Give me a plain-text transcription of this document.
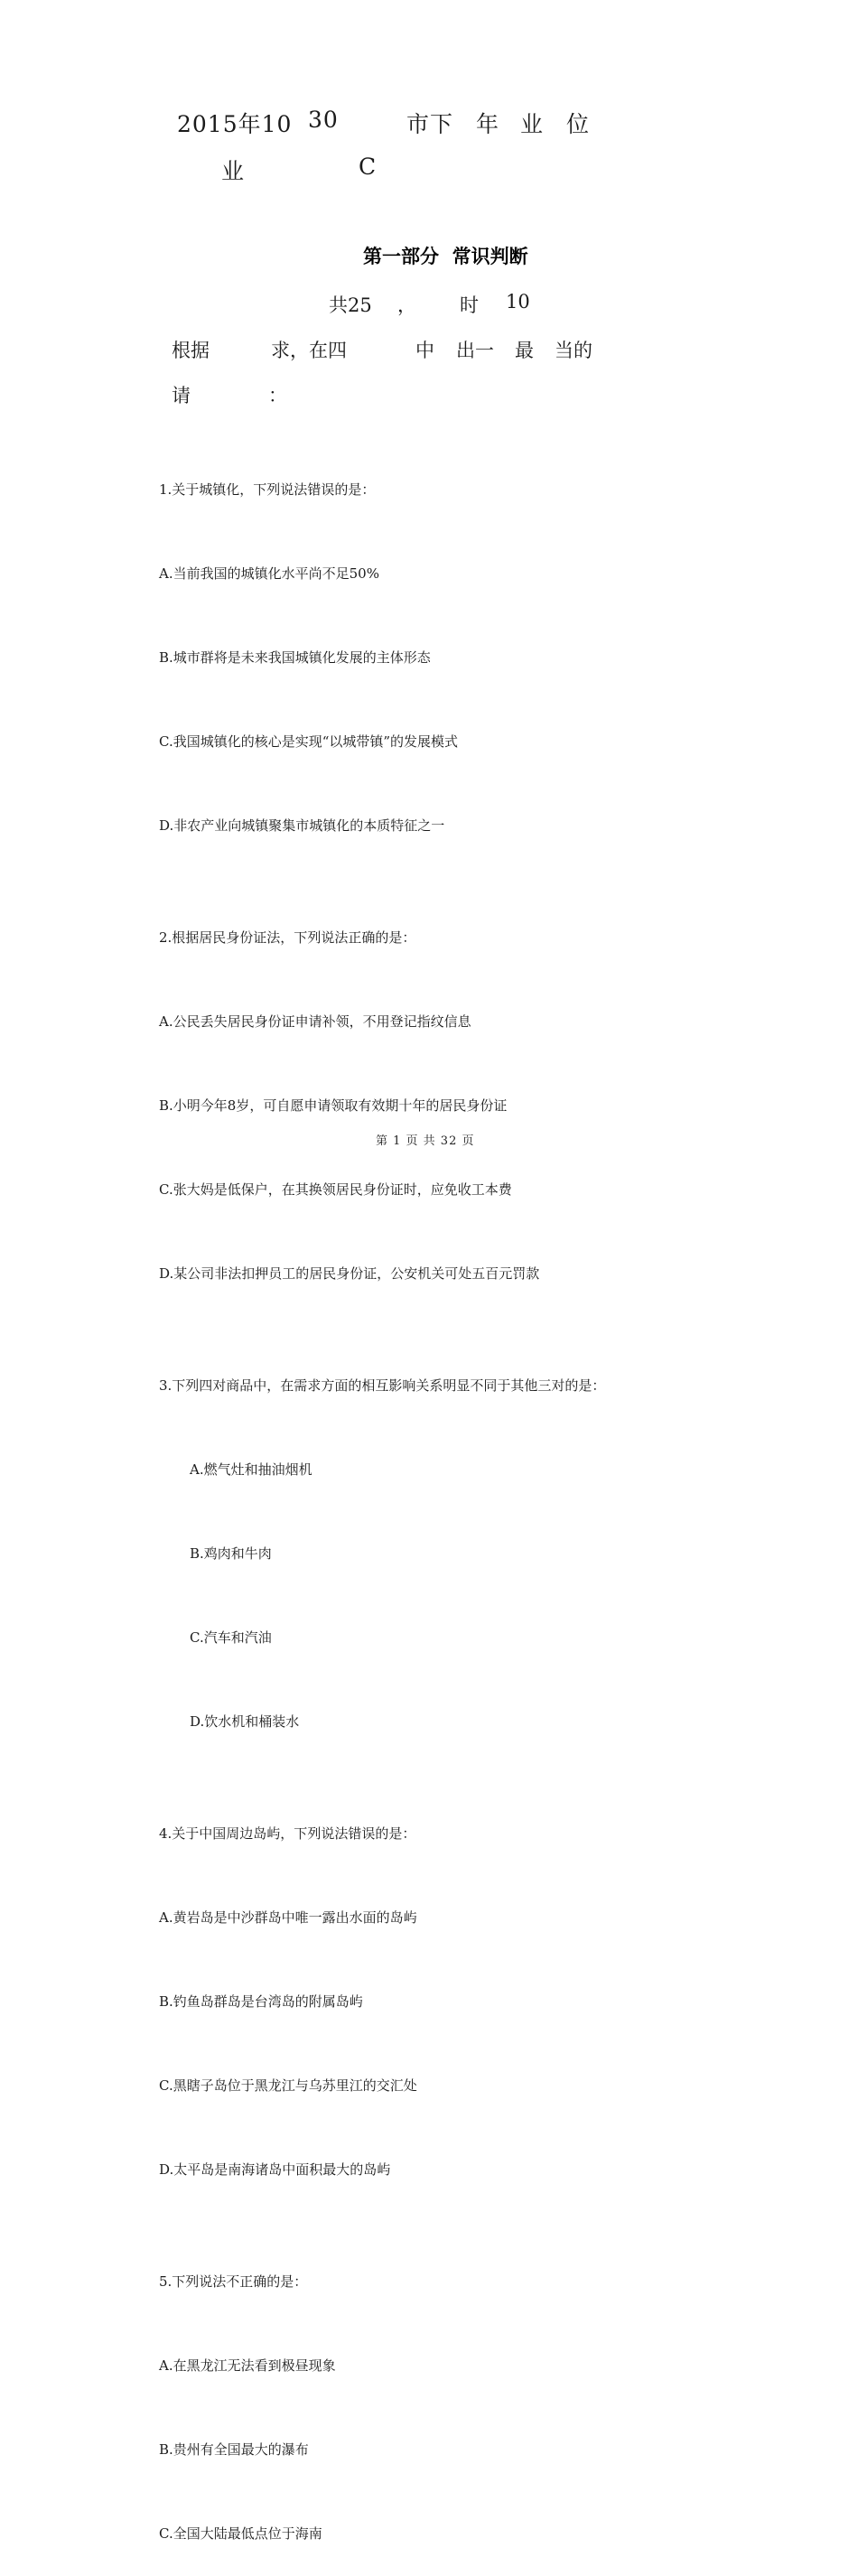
2015年10 30	市下 年 业 位
业	C
第一部分  常识判断
共25 ， 时 10
根据	求，在四	中 出一 最 当的
请	：

1.关于城镇化，下列说法错误的是：

A.当前我国的城镇化水平尚不足50%

B.城市群将是未来我国城镇化发展的主体形态

C.我国城镇化的核心是实现“以城带镇”的发展模式

D.非农产业向城镇聚集市城镇化的本质特征之一

2.根据居民身份证法，下列说法正确的是：

A.公民丢失居民身份证申请补领，不用登记指纹信息

B.小明今年8岁，可自愿申请领取有效期十年的居民身份证

C.张大妈是低保户，在其换领居民身份证时，应免收工本费

D.某公司非法扣押员工的居民身份证，公安机关可处五百元罚款

3.下列四对商品中，在需求方面的相互影响关系明显不同于其他三对的是：

A.燃气灶和抽油烟机

B.鸡肉和牛肉

C.汽车和汽油

D.饮水机和桶装水

4.关于中国周边岛屿，下列说法错误的是：

A.黄岩岛是中沙群岛中唯一露出水面的岛屿

B.钓鱼岛群岛是台湾岛的附属岛屿

C.黑瞎子岛位于黑龙江与乌苏里江的交汇处

D.太平岛是南海诸岛中面积最大的岛屿

5.下列说法不正确的是：

A.在黑龙江无法看到极昼现象

B.贵州有全国最大的瀑布

C.全国大陆最低点位于海南

第 1 页 共 32 页
